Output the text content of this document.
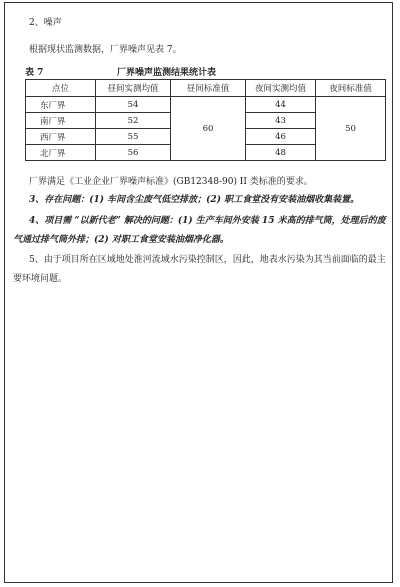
2、噪声
根据现状监测数据，厂界噪声见表 7。
表 7	厂界噪声监测结果统计表
点位	昼间实测均值	昼间标准值	夜间实测均值	夜间标准值
东厂界	54	60	44	50
南厂界	52		43	
西厂界	55		46	
北厂界	56		48	
厂界满足《工业企业厂界噪声标准》(GB12348-90) II 类标准的要求。
3、存在问题：(1) 车间含尘废气低空排放；(2) 职工食堂没有安装油烟收集装置。
4、项目需 “以新代老” 解决的问题：(1) 生产车间外安装 15 米高的排气筒，处理后的废气通过排气筒外排；(2) 对职工食堂安装油烟净化器。
5、由于项目所在区域地处淮河流域水污染控制区，因此，地表水污染为其当前面临的最主要环境问题。
